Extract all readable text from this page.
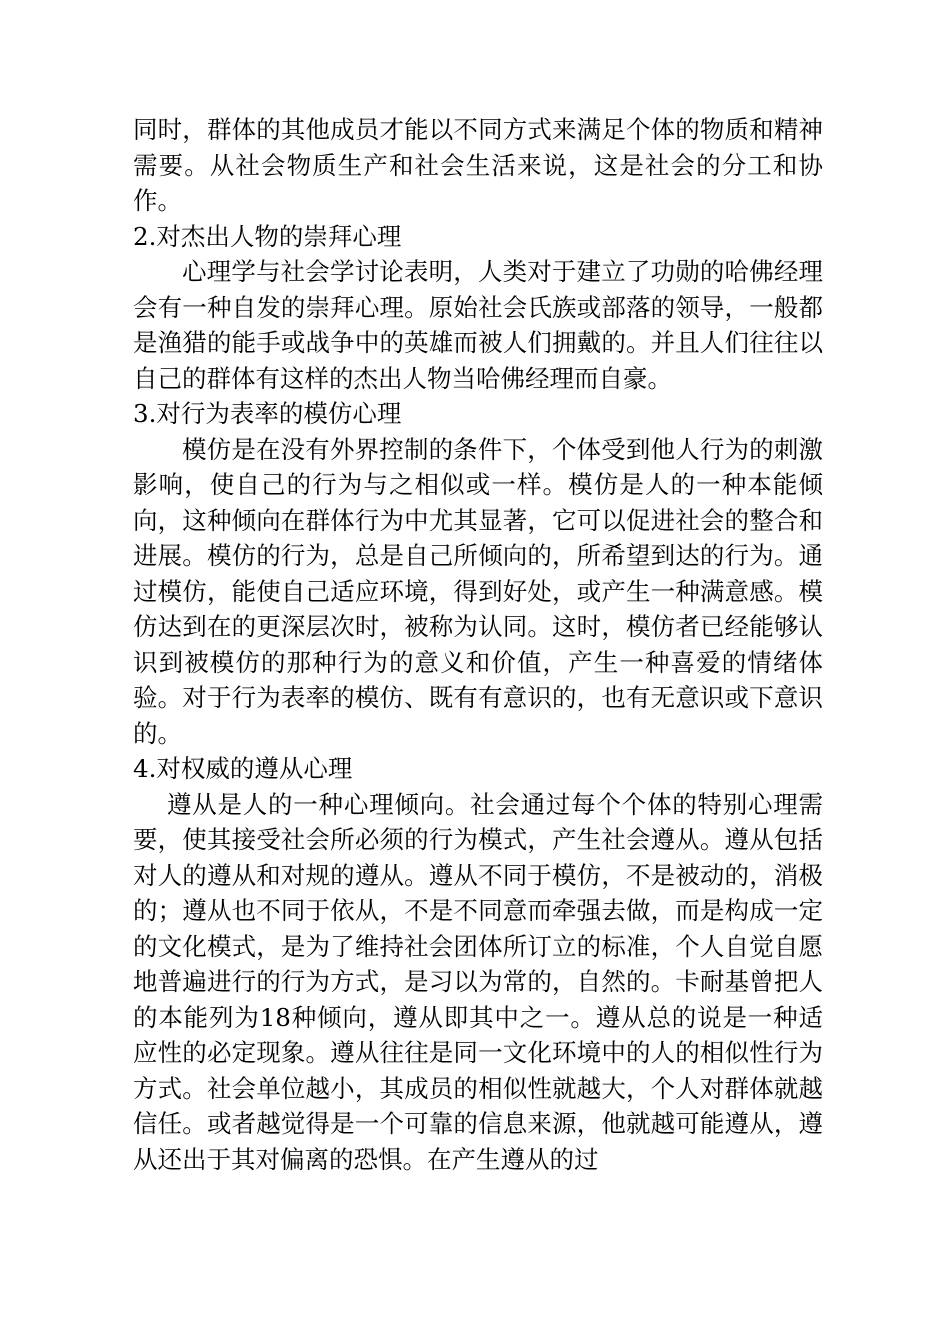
同时，群体的其他成员才能以不同方式来满足个体的物质和精神需要。从社会物质生产和社会生活来说，这是社会的分工和协作。

2.对杰出人物的崇拜心理

心理学与社会学讨论表明，人类对于建立了功勋的哈佛经理会有一种自发的崇拜心理。原始社会氏族或部落的领导，一般都是渔猎的能手或战争中的英雄而被人们拥戴的。并且人们往往以自己的群体有这样的杰出人物当哈佛经理而自豪。

3.对行为表率的模仿心理

模仿是在没有外界控制的条件下，个体受到他人行为的刺激影响，使自己的行为与之相似或一样。模仿是人的一种本能倾向，这种倾向在群体行为中尤其显著，它可以促进社会的整合和进展。模仿的行为，总是自己所倾向的，所希望到达的行为。通过模仿，能使自己适应环境，得到好处，或产生一种满意感。模仿达到在的更深层次时，被称为认同。这时，模仿者已经能够认识到被模仿的那种行为的意义和价值，产生一种喜爱的情绪体验。对于行为表率的模仿、既有有意识的，也有无意识或下意识的。

4.对权威的遵从心理

遵从是人的一种心理倾向。社会通过每个个体的特别心理需要，使其接受社会所必须的行为模式，产生社会遵从。遵从包括对人的遵从和对规的遵从。遵从不同于模仿，不是被动的，消极的；遵从也不同于依从，不是不同意而牵强去做，而是构成一定的文化模式，是为了维持社会团体所订立的标准，个人自觉自愿地普遍进行的行为方式，是习以为常的，自然的。卡耐基曾把人的本能列为18种倾向，遵从即其中之一。遵从总的说是一种适应性的必定现象。遵从往往是同一文化环境中的人的相似性行为方式。社会单位越小，其成员的相似性就越大，个人对群体就越信任。或者越觉得是一个可靠的信息来源，他就越可能遵从，遵从还出于其对偏离的恐惧。在产生遵从的过
